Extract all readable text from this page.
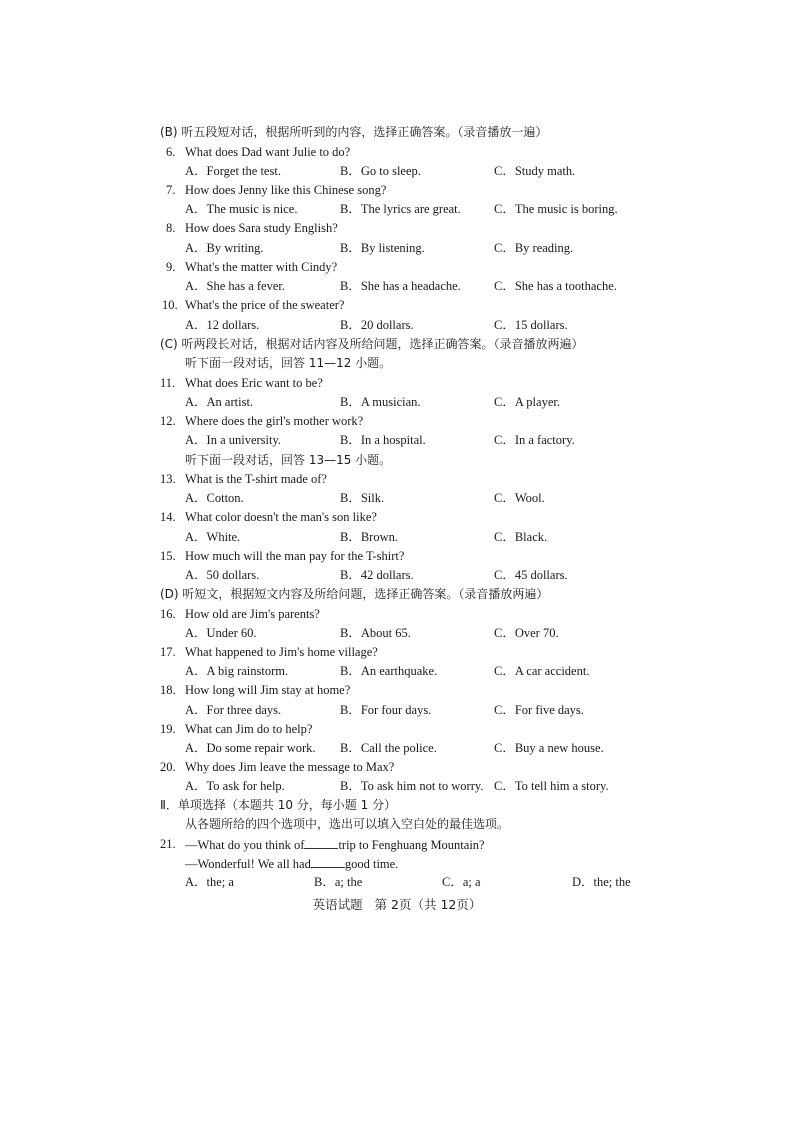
(B) 听五段短对话，根据所听到的内容，选择正确答案。（录音播放一遍）
6. What does Dad want Julie to do?
A．Forget the test.	B．Go to sleep.	C．Study math.
7. How does Jenny like this Chinese song?
A．The music is nice.	B．The lyrics are great.	C．The music is boring.
8. How does Sara study English?
A．By writing.	B．By listening.	C．By reading.
9. What's the matter with Cindy?
A．She has a fever.	B．She has a headache.	C．She has a toothache.
10. What's the price of the sweater?
A．12 dollars.	B．20 dollars.	C．15 dollars.
(C) 听两段长对话，根据对话内容及所给问题，选择正确答案。（录音播放两遍）
听下面一段对话，回答 11—12 小题。
11. What does Eric want to be?
A．An artist.	B．A musician.	C．A player.
12. Where does the girl's mother work?
A．In a university.	B．In a hospital.	C．In a factory.
听下面一段对话，回答 13—15 小题。
13. What is the T-shirt made of?
A．Cotton.	B．Silk.	C．Wool.
14. What color doesn't the man's son like?
A．White.	B．Brown.	C．Black.
15. How much will the man pay for the T-shirt?
A．50 dollars.	B．42 dollars.	C．45 dollars.
(D) 听短文，根据短文内容及所给问题，选择正确答案。（录音播放两遍）
16. How old are Jim's parents?
A．Under 60.	B．About 65.	C．Over 70.
17. What happened to Jim's home village?
A．A big rainstorm.	B．An earthquake.	C．A car accident.
18. How long will Jim stay at home?
A．For three days.	B．For four days.	C．For five days.
19. What can Jim do to help?
A．Do some repair work. B．Call the police.	C．Buy a new house.
20. Why does Jim leave the message to Max?
A．To ask for help.	B．To ask him not to worry. C．To tell him a story.
Ⅱ．单项选择（本题共 10 分，每小题 1 分）
从各题所给的四个选项中，选出可以填入空白处的最佳选项。
21. —What do you think of	trip to Fenghuang Mountain?
—Wonderful! We all had	good time.
A．the; a	B．a; the	C．a; a	D．the; the
英语试题 第 2页（共 12页）
